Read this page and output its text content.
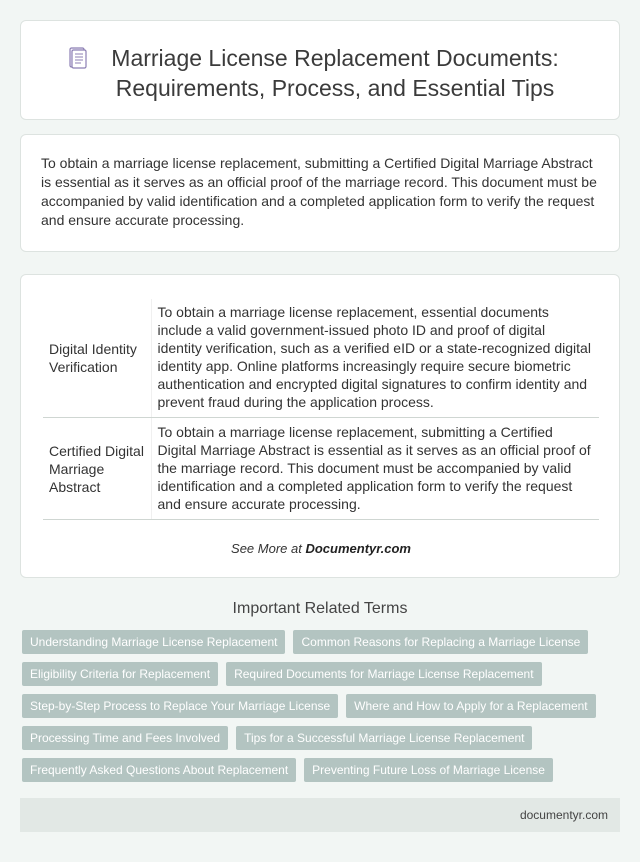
Marriage License Replacement Documents: Requirements, Process, and Essential Tips

To obtain a marriage license replacement, submitting a Certified Digital Marriage Abstract is essential as it serves as an official proof of the marriage record. This document must be accompanied by valid identification and a completed application form to verify the request and ensure accurate processing.

Digital Identity Verification	To obtain a marriage license replacement, essential documents include a valid government-issued photo ID and proof of digital identity verification, such as a verified eID or a state-recognized digital identity app. Online platforms increasingly require secure biometric authentication and encrypted digital signatures to confirm identity and prevent fraud during the application process.
Certified Digital Marriage Abstract	To obtain a marriage license replacement, submitting a Certified Digital Marriage Abstract is essential as it serves as an official proof of the marriage record. This document must be accompanied by valid identification and a completed application form to verify the request and ensure accurate processing.
See More at Documentyr.com
Important Related Terms
Understanding Marriage License Replacement	Common Reasons for Replacing a Marriage License
Eligibility Criteria for Replacement	Required Documents for Marriage License Replacement
Step-by-Step Process to Replace Your Marriage License	Where and How to Apply for a Replacement
Processing Time and Fees Involved	Tips for a Successful Marriage License Replacement
Frequently Asked Questions About Replacement	Preventing Future Loss of Marriage License
documentyr.com
